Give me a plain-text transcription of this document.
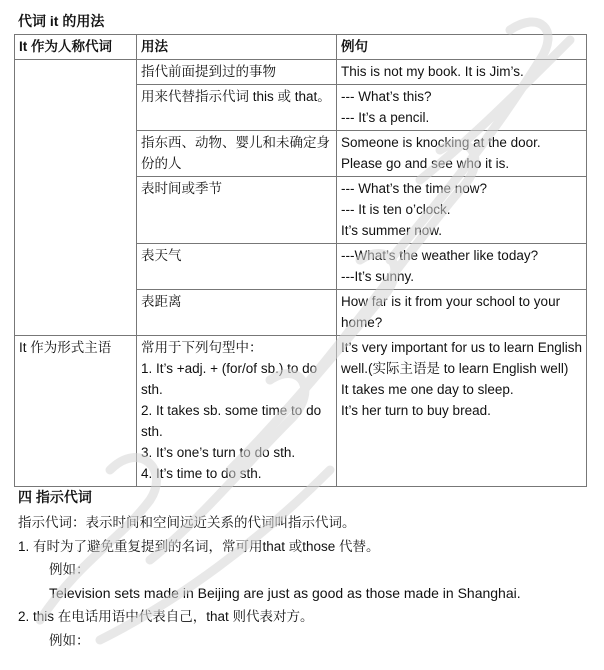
代词 it 的用法
It 作为人称代词	用法	例句

	指代前面提到过的事物	This is not my book. It is Jim’s.

	用来代替指示代词 this 或 that。	--- What’s this?
--- It’s a pencil.

	指东西、动物、婴儿和未确定身份的人	Someone is knocking at the door. Please go and see who it is.

	表时间或季节	--- What’s the time now?
--- It is ten o’clock.
It’s summer now.

	表天气	---What’s the weather like today?
---It’s sunny.

	表距离	How far is it from your school to your home?
It 作为形式主语	常用于下列句型中：
1. It’s +adj. + (for/of sb.) to do sth.
2. It takes sb. some time to do sth.
3. It’s one’s turn to do sth.
4. It’s time to do sth.	It’s very important for us to learn English well.(实际主语是 to learn English well)
It takes me one day to sleep.
It’s her turn to buy bread.
四 指示代词
指示代词：表示时间和空间远近关系的代词叫指示代词。
1. 有时为了避免重复提到的名词，常可用that 或those 代替。
例如：
Television sets made in Beijing are just as good as those made in Shanghai.
2. this 在电话用语中代表自己，that 则代表对方。
例如：
